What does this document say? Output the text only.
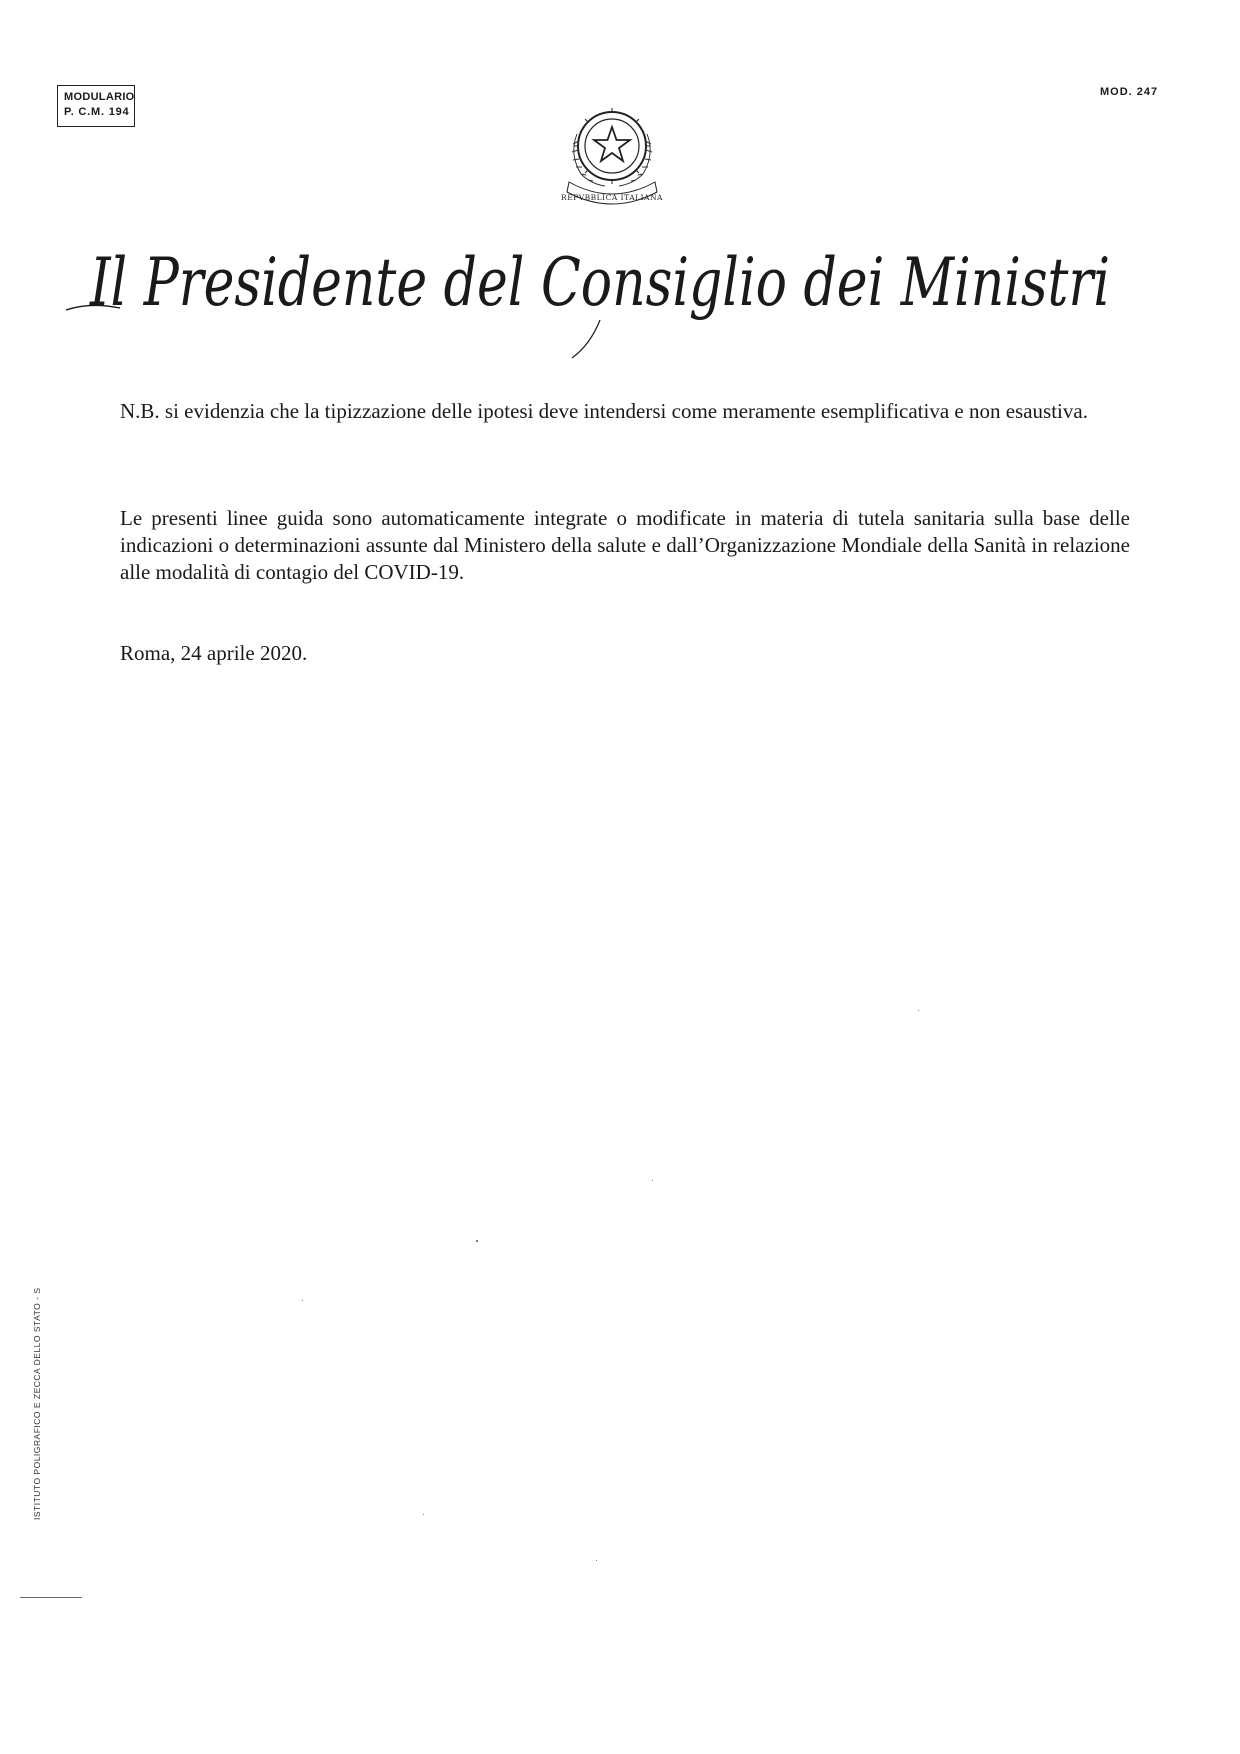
MODULARIO
P. C.M. 194
MOD. 247
REPVBBLICA ITALIANA
Il Presidente del Consiglio dei Ministri

N.B. si evidenzia che la tipizzazione delle ipotesi deve intendersi come meramente esemplificativa e non esaustiva.

Le presenti linee guida sono automaticamente integrate o modificate in materia di tutela sanitaria sulla base delle indicazioni o determinazioni assunte dal Ministero della salute e dall’Organizzazione Mondiale della Sanità in relazione alle modalità di contagio del COVID-19.

Roma, 24 aprile 2020.

ISTITUTO POLIGRAFICO E ZECCA DELLO STATO - S
